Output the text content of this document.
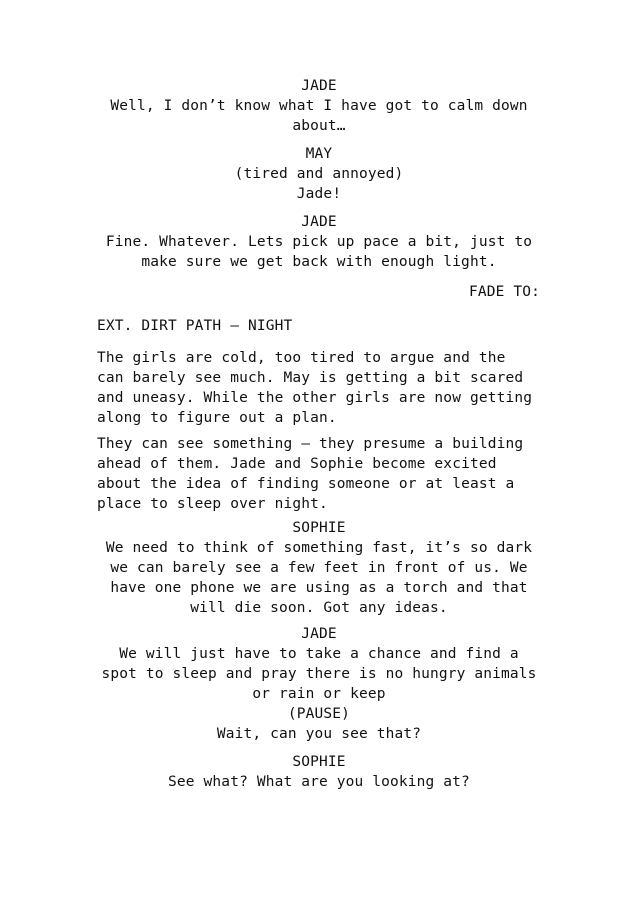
JADE
Well, I don’t know what I have got to calm down
about…
MAY
(tired and annoyed)
Jade!
JADE
Fine. Whatever. Lets pick up pace a bit, just to
make sure we get back with enough light.
FADE TO:
EXT. DIRT PATH – NIGHT
The girls are cold, too tired to argue and the
can barely see much. May is getting a bit scared
and uneasy. While the other girls are now getting
along to figure out a plan.
They can see something – they presume a building
ahead of them. Jade and Sophie become excited
about the idea of finding someone or at least a
place to sleep over night.
SOPHIE
We need to think of something fast, it’s so dark
we can barely see a few feet in front of us. We
have one phone we are using as a torch and that
will die soon. Got any ideas.
JADE
We will just have to take a chance and find a
spot to sleep and pray there is no hungry animals
or rain or keep
(PAUSE)
Wait, can you see that?
SOPHIE
See what? What are you looking at?
